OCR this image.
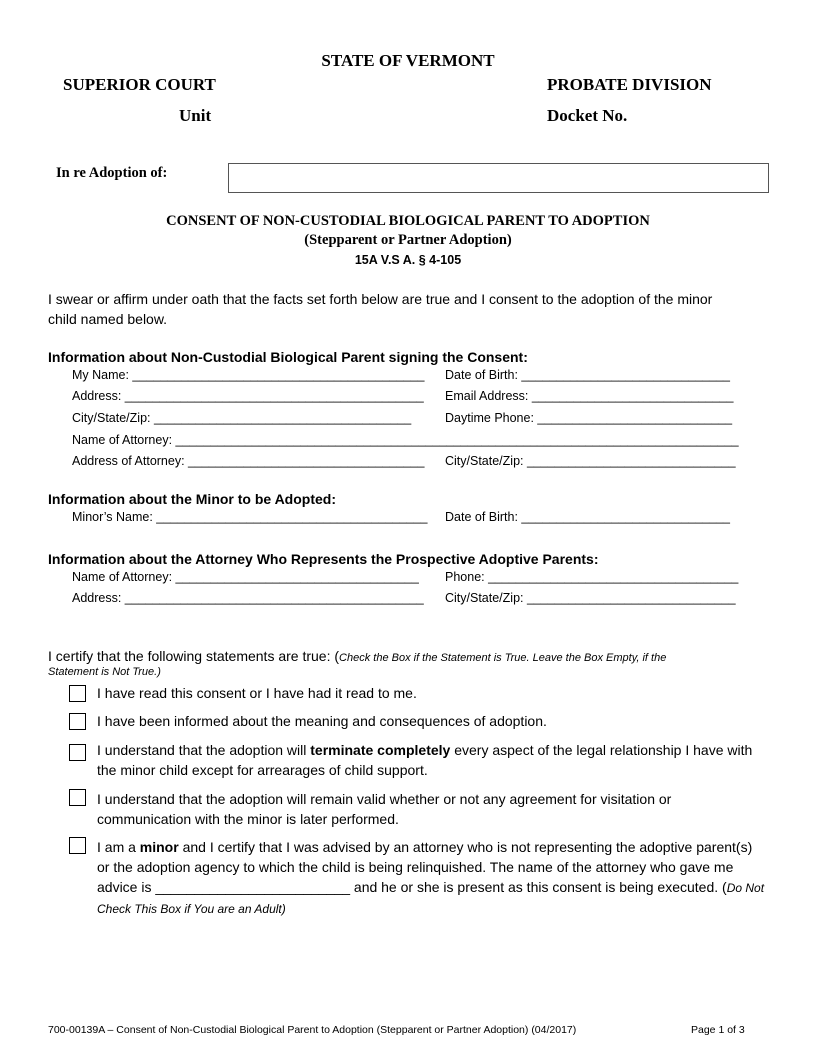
STATE OF VERMONT
SUPERIOR COURT	PROBATE DIVISION
Unit	Docket No.
In re Adoption of:
CONSENT OF NON-CUSTODIAL BIOLOGICAL PARENT TO ADOPTION
(Stepparent or Partner Adoption)
15A V.S A. § 4-105
I swear or affirm under oath that the facts set forth below are true and I consent to the adoption of the minor
child named below.
Information about Non-Custodial Biological Parent signing the Consent:
My Name: __________________________________________ Date of Birth: ______________________________
Address: ___________________________________________ Email Address: _____________________________
City/State/Zip: _____________________________________	Daytime Phone: ____________________________
Name of Attorney: _________________________________________________________________________________
Address of Attorney: __________________________________ City/State/Zip: ______________________________
Information about the Minor to be Adopted:
Minor’s Name: _______________________________________ Date of Birth: ______________________________
Information about the Attorney Who Represents the Prospective Adoptive Parents:
Name of Attorney: ___________________________________ Phone: ____________________________________
Address: ___________________________________________ City/State/Zip: ______________________________
I certify that the following statements are true: (Check the Box if the Statement is True. Leave the Box Empty, if the
Statement is Not True.)
I have read this consent or I have had it read to me.
I have been informed about the meaning and consequences of adoption.
I understand that the adoption will terminate completely every aspect of the legal relationship I have with the minor child except for arrearages of child support.
I understand that the adoption will remain valid whether or not any agreement for visitation or communication with the minor is later performed.
I am a minor and I certify that I was advised by an attorney who is not representing the adoptive parent(s) or the adoption agency to which the child is being relinquished. The name of the attorney who gave me advice is _________________________ and he or she is present as this consent is being executed. (Do Not Check This Box if You are an Adult)
700-00139A – Consent of Non-Custodial Biological Parent to Adoption (Stepparent or Partner Adoption) (04/2017)	Page 1 of 3
